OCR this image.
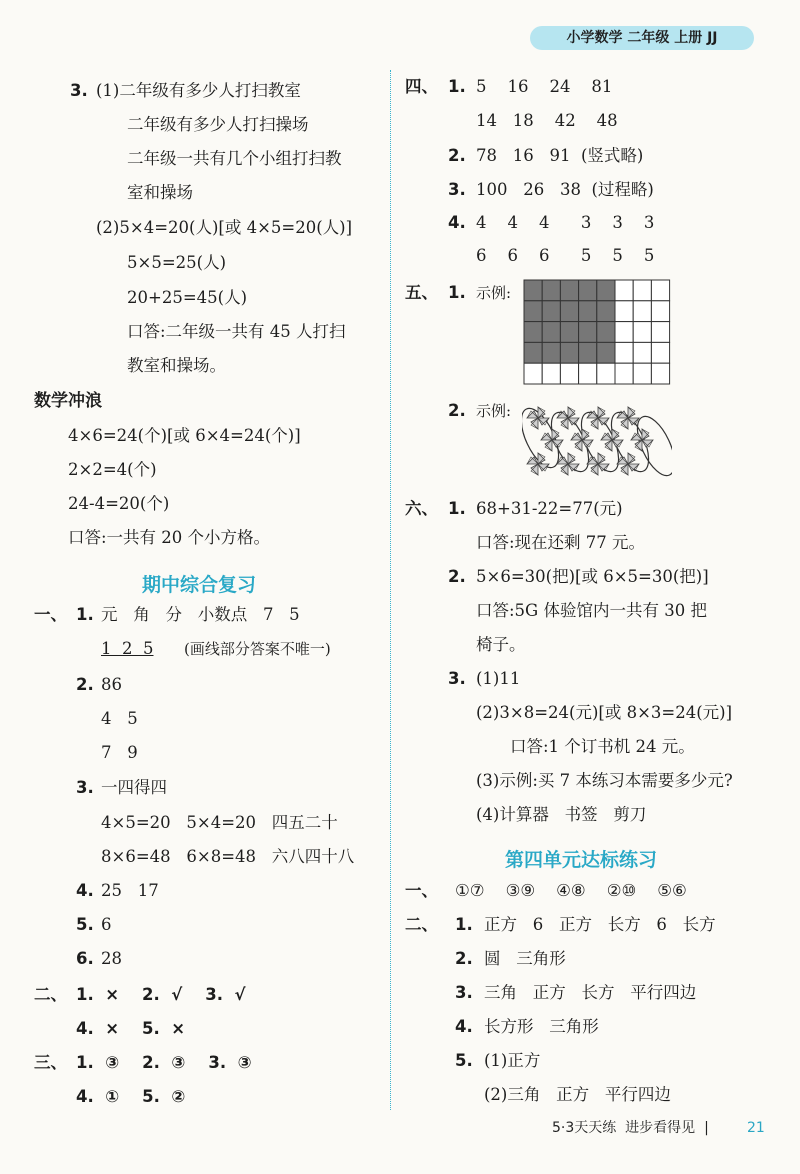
小学数学 二年级 上册 JJ
3. (1)二年级有多少人打扫教室
二年级有多少人打扫操场
二年级一共有几个小组打扫教
室和操场
(2)5×4=20(人)[或 4×5=20(人)]
5×5=25(人)
20+25=45(人)
口答:二年级一共有 45 人打扫
教室和操场。
数学冲浪
4×6=24(个)[或 6×4=24(个)]
2×2=4(个)
24-4=20(个)
口答:一共有 20 个小方格。
期中综合复习
一、 1. 元   角   分   小数点   7   5
1  2  5 (画线部分答案不唯一)
2. 86
4   5
7   9
3. 一四得四
4×5=20   5×4=20   四五二十
8×6=48   6×8=48   六八四十八
4. 25   17
5. 6
6. 28
二、 1.  ×    2.  √    3.  √
4.  ×    5.  ×
三、 1.  ③    2.  ③    3.  ③
4.  ①    5.  ②
四、 1. 5    16    24    81
14   18    42    48
2. 78   16   91  (竖式略)
3. 100   26   38  (过程略)
4. 4    4    4      3    3    3
6    6    6      5    5    5
五、 1. 示例:
2. 示例:
六、 1. 68+31-22=77(元)
口答:现在还剩 77 元。
2. 5×6=30(把)[或 6×5=30(把)]
口答:5G 体验馆内一共有 30 把
椅子。
3. (1)11
(2)3×8=24(元)[或 8×3=24(元)]
口答:1 个订书机 24 元。
(3)示例:买 7 本练习本需要多少元?
(4)计算器   书签   剪刀
第四单元达标练习
一、 ①⑦    ③⑨    ④⑧    ②⑩    ⑤⑥
二、 1. 正方   6   正方   长方   6   长方
2. 圆   三角形
3. 三角   正方   长方   平行四边
4. 长方形   三角形
5. (1)正方
(2)三角   正方   平行四边
5·3天天练  进步看得见  |	21
